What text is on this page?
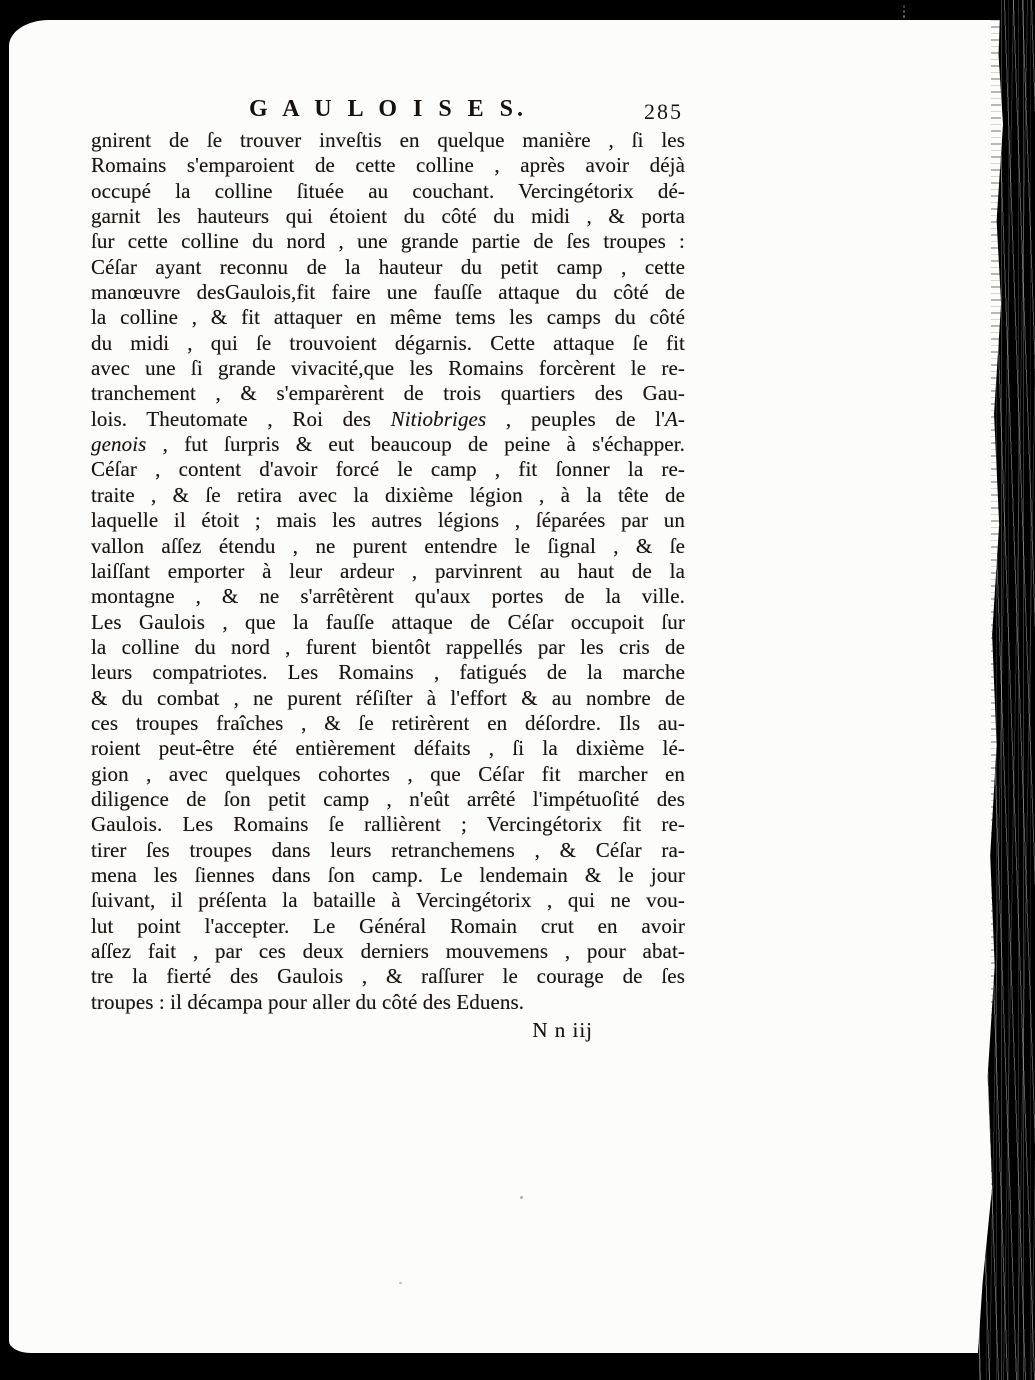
G A U L O I S E S.	285
gnirent de ſe trouver inveſtis en quelque manière , ſi les
Romains s'emparoient de cette colline , après avoir déjà
occupé la colline ſituée au couchant. Vercingétorix dé-
garnit les hauteurs qui étoient du côté du midi , & porta
ſur cette colline du nord , une grande partie de ſes troupes :
Céſar ayant reconnu de la hauteur du petit camp , cette
manœuvre desGaulois,fit faire une fauſſe attaque du côté de
la colline , & fit attaquer en même tems les camps du côté
du midi , qui ſe trouvoient dégarnis. Cette attaque ſe fit
avec une ſi grande vivacité,que les Romains forcèrent le re-
tranchement , & s'emparèrent de trois quartiers des Gau-
lois. Theutomate , Roi des Nitiobriges , peuples de l'A-
genois , fut ſurpris & eut beaucoup de peine à s'échapper.
Céſar , content d'avoir forcé le camp , fit ſonner la re-
traite , & ſe retira avec la dixième légion , à la tête de
laquelle il étoit ; mais les autres légions , ſéparées par un
vallon aſſez étendu , ne purent entendre le ſignal , & ſe
laiſſant emporter à leur ardeur , parvinrent au haut de la
montagne , & ne s'arrêtèrent qu'aux portes de la ville.
Les Gaulois , que la fauſſe attaque de Céſar occupoit ſur
la colline du nord , furent bientôt rappellés par les cris de
leurs compatriotes. Les Romains , fatigués de la marche
& du combat , ne purent réſiſter à l'effort & au nombre de
ces troupes fraîches , & ſe retirèrent en déſordre. Ils au-
roient peut-être été entièrement défaits , ſi la dixième lé-
gion , avec quelques cohortes , que Céſar fit marcher en
diligence de ſon petit camp , n'eût arrêté l'impétuoſité des
Gaulois. Les Romains ſe rallièrent ; Vercingétorix fit re-
tirer ſes troupes dans leurs retranchemens , & Céſar ra-
mena les ſiennes dans ſon camp. Le lendemain & le jour
ſuivant, il préſenta la bataille à Vercingétorix , qui ne vou-
lut point l'accepter. Le Général Romain crut en avoir
aſſez fait , par ces deux derniers mouvemens , pour abat-
tre la fierté des Gaulois , & raſſurer le courage de ſes
troupes : il décampa pour aller du côté des Eduens.
N n iij
